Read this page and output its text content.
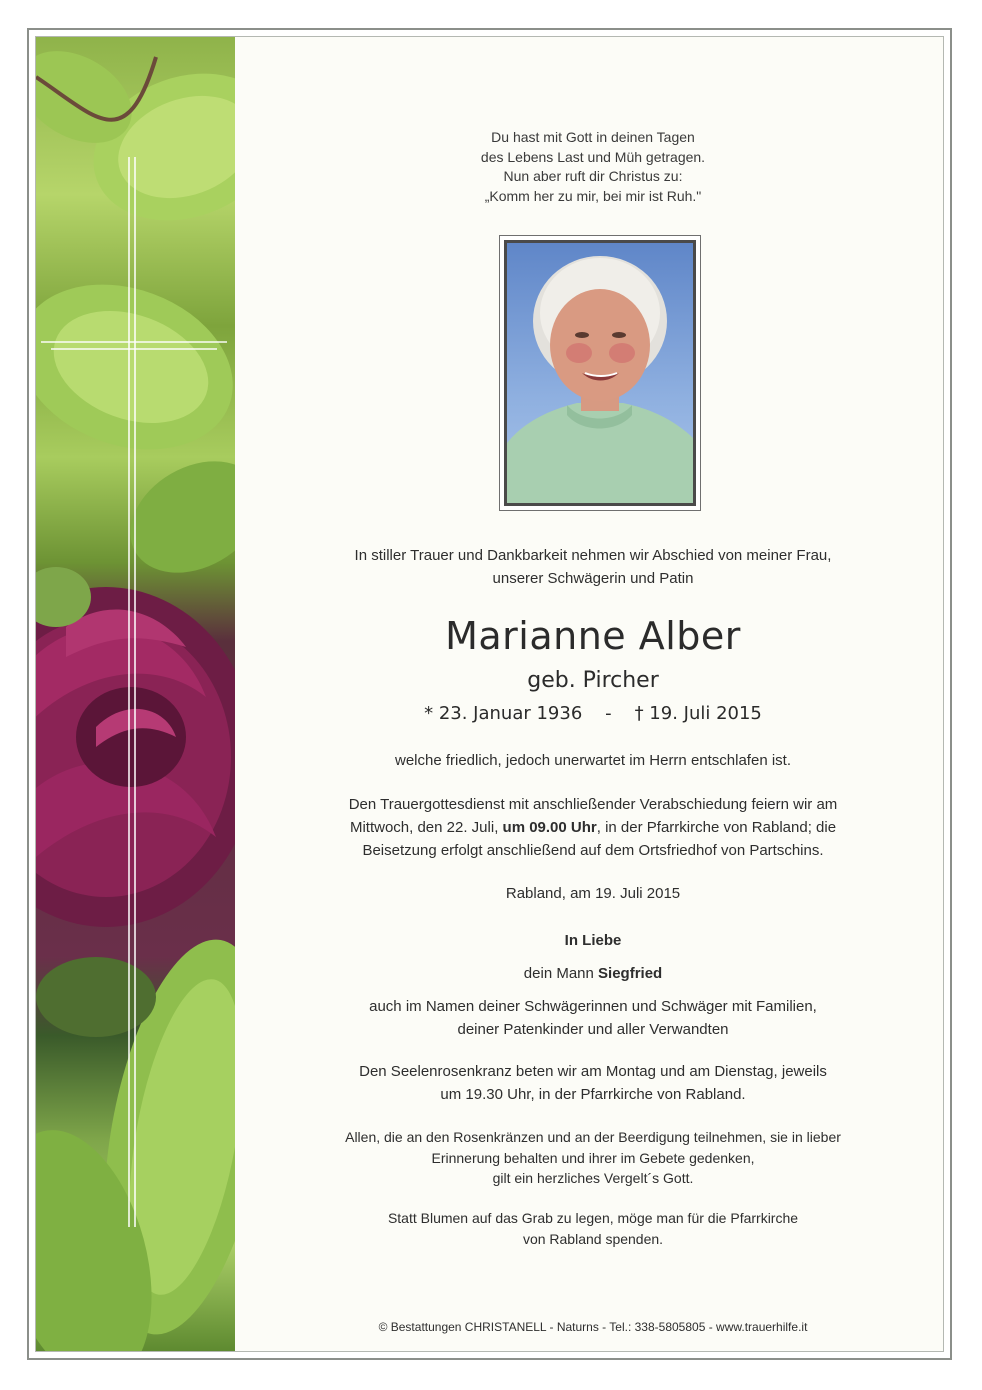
Du hast mit Gott in deinen Tagen
des Lebens Last und Müh getragen.
Nun aber ruft dir Christus zu:
„Komm her zu mir, bei mir ist Ruh."
In stiller Trauer und Dankbarkeit nehmen wir Abschied von meiner Frau,
unserer Schwägerin und Patin
Marianne Alber
geb. Pircher
* 23. Januar 1936 - † 19. Juli 2015
welche friedlich, jedoch unerwartet im Herrn entschlafen ist.
Den Trauergottesdienst mit anschließender Verabschiedung feiern wir am
Mittwoch, den 22. Juli, um 09.00 Uhr, in der Pfarrkirche von Rabland; die
Beisetzung erfolgt anschließend auf dem Ortsfriedhof von Partschins.
Rabland, am 19. Juli 2015
In Liebe
dein Mann Siegfried
auch im Namen deiner Schwägerinnen und Schwäger mit Familien,
deiner Patenkinder und aller Verwandten
Den Seelenrosenkranz beten wir am Montag und am Dienstag, jeweils
um 19.30 Uhr, in der Pfarrkirche von Rabland.
Allen, die an den Rosenkränzen und an der Beerdigung teilnehmen, sie in lieber
Erinnerung behalten und ihrer im Gebete gedenken,
gilt ein herzliches Vergelt´s Gott.
Statt Blumen auf das Grab zu legen, möge man für die Pfarrkirche
von Rabland spenden.
© Bestattungen CHRISTANELL - Naturns - Tel.: 338-5805805 - www.trauerhilfe.it
